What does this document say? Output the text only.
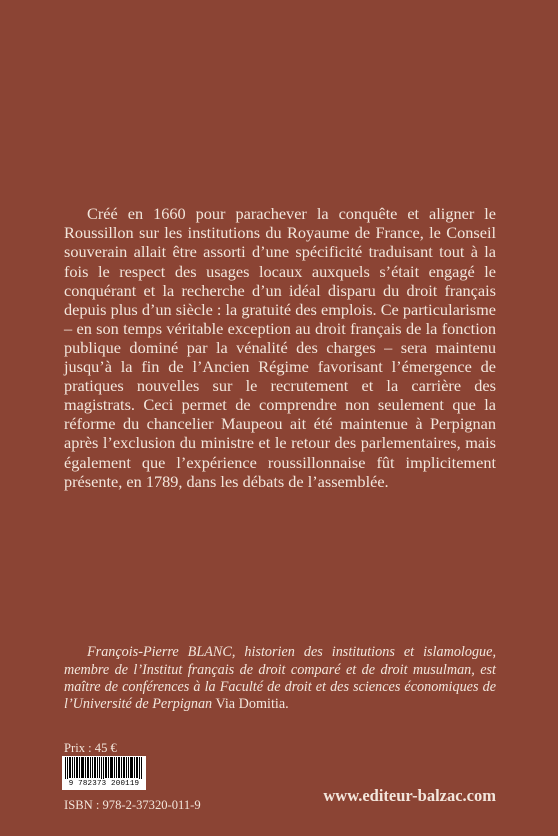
Créé en 1660 pour parachever la conquête et aligner le Roussillon sur les institutions du Royaume de France, le Conseil souverain allait être assorti d’une spécificité traduisant tout à la fois le respect des usages locaux auxquels s’était engagé le conquérant et la recherche d’un idéal disparu du droit français depuis plus d’un siècle : la gratuité des emplois. Ce particularisme – en son temps véritable exception au droit français de la fonction publique dominé par la vénalité des charges – sera maintenu jusqu’à la fin de l’Ancien Régime favorisant l’émergence de pratiques nouvelles sur le recrutement et la carrière des magistrats. Ceci permet de comprendre non seulement que la réforme du chancelier Maupeou ait été maintenue à Perpignan après l’exclusion du ministre et le retour des parlementaires, mais également que l’expérience roussillonnaise fût implicitement présente, en 1789, dans les débats de l’assemblée.

François-Pierre BLANC, historien des institutions et islamologue, membre de l’Institut français de droit comparé et de droit musulman, est maître de conférences à la Faculté de droit et des sciences économiques de l’Université de Perpignan Via Domitia.

Prix : 45 €
9 782373 200119
ISBN : 978-2-37320-011-9	www.editeur-balzac.com
